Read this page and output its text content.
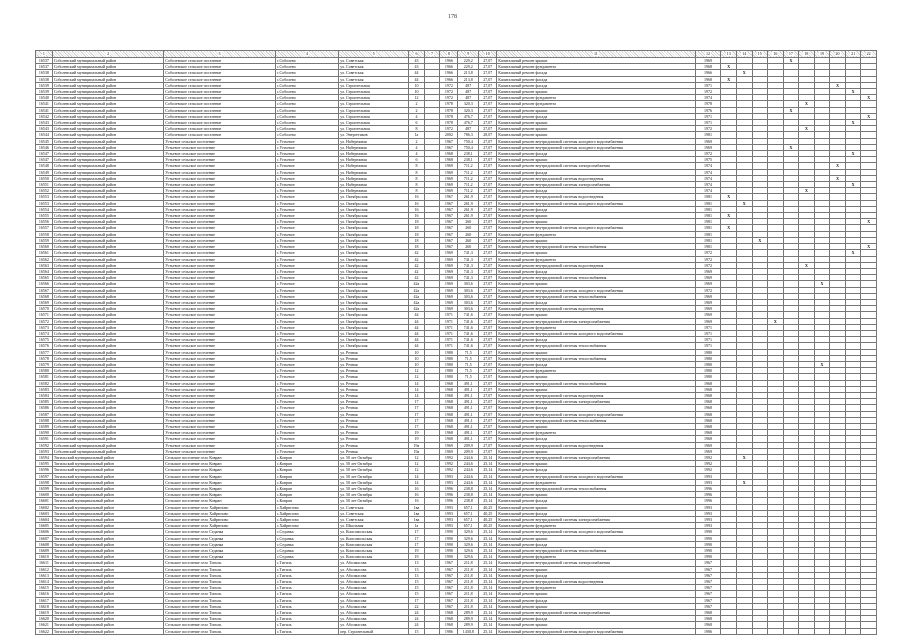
178
1	2	3	4	5	6	7	8	9	10	11	12	13	14	15	16	17	18	19	20	21	22
16537	Соболевский муниципальный район	Соболевское сельское поселение	с.Соболево	ул. Советская	43		1966	229,2	27,07	Капитальный ремонт крыши	1969					X					
16537	Соболевский муниципальный район	Соболевское сельское поселение	с.Соболево	ул. Советская	43		1966	229,2	27,07	Капитальный ремонт фундамента	1968	X									
16538	Соболевский муниципальный район	Соболевское сельское поселение	с.Соболево	ул. Советская	44		1966	213,8	27,07	Капитальный ремонт фасада	1966		X								
16538	Соболевский муниципальный район	Соболевское сельское поселение	с.Соболево	ул. Советская	44		1966	213,8	27,07	Капитальный ремонт фасада	1968	X									
16539	Соболевский муниципальный район	Соболевское сельское поселение	с.Соболево	ул. Строительная	10		1972	487	27,07	Капитальный ремонт фасада	1971								X		
16539	Соболевский муниципальный район	Соболевское сельское поселение	с.Соболево	ул. Строительная	10		1972	487	27,07	Капитальный ремонт крыши	1972									X	
16540	Соболевский муниципальный район	Соболевское сельское поселение	с.Соболево	ул. Строительная	12		1972	487	27,07	Капитальный ремонт фундамента	1974										X
16541	Соболевский муниципальный район	Соболевское сельское поселение	с.Соболево	ул. Строительная	2		1978	320,3	27,07	Капитальный ремонт фундамента	1978						X				
16541	Соболевский муниципальный район	Соболевское сельское поселение	с.Соболево	ул. Строительная	2		1978	320,3	27,07	Капитальный ремонт крыши	1976					X					
16542	Соболевский муниципальный район	Соболевское сельское поселение	с.Соболево	ул. Строительная	4		1978	476,7	27,07	Капитальный ремонт фасада	1971										X
16543	Соболевский муниципальный район	Соболевское сельское поселение	с.Соболево	ул. Строительная	6		1978	476,7	27,07	Капитальный ремонт крыши	1971									X	
16543	Соболевский муниципальный район	Соболевское сельское поселение	с.Соболево	ул. Строительная	8		1972	487	27,07	Капитальный ремонт крыши	1972						X				
16544	Соболевский муниципальный район	Соболевское сельское поселение	с.Соболево	ул. Энергетиков	1а		2002	786,3	28,07	Капитальный ремонт крыши	1981										
16545	Соболевский муниципальный район	Устьевое сельское поселение	с.Устьевое	ул. Набережная	2		1967	750,4	27,07	Капитальный ремонт внутридомовой системы холодного водоснабжения	1969										
16546	Соболевский муниципальный район	Устьевое сельское поселение	с.Устьевое	ул. Набережная	4		1967	750,4	27,07	Капитальный ремонт внутридомовой системы холодного водоснабжения	1969					X					
16547	Соболевский муниципальный район	Устьевое сельское поселение	с.Устьевое	ул. Набережная	4		1968	238,1	27,07	Капитальный ремонт фасада	1972									X	
16547	Соболевский муниципальный район	Устьевое сельское поселение	с.Устьевое	ул. Набережная	6		1968	238,1	27,07	Капитальный ремонт крыши	1975										
16548	Соболевский муниципальный район	Устьевое сельское поселение	с.Устьевое	ул. Набережная	8		1969	711,2	27,07	Капитальный ремонт внутридомовой системы электроснабжения	1974								X		
16549	Соболевский муниципальный район	Устьевое сельское поселение	с.Устьевое	ул. Набережная	8		1969	711,2	27,07	Капитальный ремонт фасада	1974										
16550	Соболевский муниципальный район	Устьевое сельское поселение	с.Устьевое	ул. Набережная	8		1969	711,2	27,07	Капитальный ремонт внутридомовой системы водоотведения	1974								X		
16551	Соболевский муниципальный район	Устьевое сельское поселение	с.Устьевое	ул. Набережная	8		1969	711,2	27,07	Капитальный ремонт внутридомовой системы электроснабжения	1974									X	
16552	Соболевский муниципальный район	Устьевое сельское поселение	с.Устьевое	ул. Набережная	8		1969	711,2	27,07	Капитальный ремонт фасада	1974						X				
16553	Соболевский муниципальный район	Устьевое сельское поселение	с.Устьевое	ул. Октябрьская	16		1967	261,9	27,07	Капитальный ремонт внутридомовой системы водоотведения	1981	X									
16553	Соболевский муниципальный район	Устьевое сельское поселение	с.Устьевое	ул. Октябрьская	16		1967	261,9	27,07	Капитальный ремонт внутридомовой системы холодного водоснабжения	1981		X								
16554	Соболевский муниципальный район	Устьевое сельское поселение	с.Устьевое	ул. Октябрьская	16		1967	261,9	27,07	Капитальный ремонт фасада	1981										
16555	Соболевский муниципальный район	Устьевое сельское поселение	с.Устьевое	ул. Октябрьская	16		1967	261,9	27,07	Капитальный ремонт крыши	1981	X									
16556	Соболевский муниципальный район	Устьевое сельское поселение	с.Устьевое	ул. Октябрьская	18		1967	260	27,07	Капитальный ремонт крыши	1981										X
16557	Соболевский муниципальный район	Устьевое сельское поселение	с.Устьевое	ул. Октябрьская	18		1967	260	27,07	Капитальный ремонт внутридомовой системы холодного водоснабжения	1981	X									
16558	Соболевский муниципальный район	Устьевое сельское поселение	с.Устьевое	ул. Октябрьская	18		1967	260	27,07	Капитальный ремонт фундамента	1981										
16559	Соболевский муниципальный район	Устьевое сельское поселение	с.Устьевое	ул. Октябрьская	18		1967	260	27,07	Капитальный ремонт крыши	1981			X							
16560	Соболевский муниципальный район	Устьевое сельское поселение	с.Устьевое	ул. Октябрьская	18		1967	260	27,07	Капитальный ремонт внутридомовой системы теплоснабжения	1981										X
16561	Соболевский муниципальный район	Устьевое сельское поселение	с.Устьевое	ул. Октябрьская	42		1969	741,3	27,07	Капитальный ремонт крыши	1972									X	
16562	Соболевский муниципальный район	Устьевое сельское поселение	с.Устьевое	ул. Октябрьская	42		1969	741,3	27,07	Капитальный ремонт фундамента	1972										
16563	Соболевский муниципальный район	Устьевое сельское поселение	с.Устьевое	ул. Октябрьская	42		1969	741,3	27,07	Капитальный ремонт внутридомовой системы водоотведения	1972						X				
16564	Соболевский муниципальный район	Устьевое сельское поселение	с.Устьевое	ул. Октябрьская	42		1969	741,3	27,07	Капитальный ремонт фасада	1969										
16565	Соболевский муниципальный район	Устьевое сельское поселение	с.Устьевое	ул. Октябрьская	42		1969	741,3	27,07	Капитальный ремонт внутридомовой системы теплоснабжения	1969										
16566	Соболевский муниципальный район	Устьевое сельское поселение	с.Устьевое	ул. Октябрьская	42а		1969	303,6	27,07	Капитальный ремонт крыши	1969							X			
16567	Соболевский муниципальный район	Устьевое сельское поселение	с.Устьевое	ул. Октябрьская	42а		1969	303,6	27,07	Капитальный ремонт внутридомовой системы холодного водоснабжения	1972										
16568	Соболевский муниципальный район	Устьевое сельское поселение	с.Устьевое	ул. Октябрьская	42а		1969	303,6	27,07	Капитальный ремонт внутридомовой системы теплоснабжения	1969										
16569	Соболевский муниципальный район	Устьевое сельское поселение	с.Устьевое	ул. Октябрьская	42а		1969	303,6	27,07	Капитальный ремонт фасада	1969										
16570	Соболевский муниципальный район	Устьевое сельское поселение	с.Устьевое	ул. Октябрьская	42а		1969	303,6	27,07	Капитальный ремонт внутридомовой системы водоотведения	1969										
16571	Соболевский муниципальный район	Устьевое сельское поселение	с.Устьевое	ул. Октябрьская	44		1971	741,6	27,07	Капитальный ремонт крыши	1969										
16572	Соболевский муниципальный район	Устьевое сельское поселение	с.Устьевое	ул. Октябрьская	44		1971	741,6	27,07	Капитальный ремонт внутридомовой системы электроснабжения	1969				X						
16573	Соболевский муниципальный район	Устьевое сельское поселение	с.Устьевое	ул. Октябрьская	44		1971	741,6	27,07	Капитальный ремонт фундамента	1971										
16574	Соболевский муниципальный район	Устьевое сельское поселение	с.Устьевое	ул. Октябрьская	44		1971	741,6	27,07	Капитальный ремонт внутридомовой системы холодного водоснабжения	1971										
16575	Соболевский муниципальный район	Устьевое сельское поселение	с.Устьевое	ул. Октябрьская	44		1971	741,6	27,07	Капитальный ремонт фасада	1971										
16576	Соболевский муниципальный район	Устьевое сельское поселение	с.Устьевое	ул. Октябрьская	44		1971	741,6	27,07	Капитальный ремонт внутридомовой системы теплоснабжения	1971										
16577	Соболевский муниципальный район	Устьевое сельское поселение	с.Устьевое	ул. Речная	10		1980	71,5	27,07	Капитальный ремонт крыши	1980										
16578	Соболевский муниципальный район	Устьевое сельское поселение	с.Устьевое	ул. Речная	10		1980	71,5	27,07	Капитальный ремонт внутридомовой системы теплоснабжения	1980										
16579	Соболевский муниципальный район	Устьевое сельское поселение	с.Устьевое	ул. Речная	10		1980	71,5	27,07	Капитальный ремонт фасада	1980							X			
16580	Соболевский муниципальный район	Устьевое сельское поселение	с.Устьевое	ул. Речная	12		1980	71,5	27,07	Капитальный ремонт фундамента	1980										
16581	Соболевский муниципальный район	Устьевое сельское поселение	с.Устьевое	ул. Речная	12		1980	71,5	27,07	Капитальный ремонт крыши	1980										
16582	Соболевский муниципальный район	Устьевое сельское поселение	с.Устьевое	ул. Речная	14		1968	491,1	27,07	Капитальный ремонт внутридомовой системы теплоснабжения	1968										
16583	Соболевский муниципальный район	Устьевое сельское поселение	с.Устьевое	ул. Речная	14		1968	491,1	27,07	Капитальный ремонт крыши	1968										
16584	Соболевский муниципальный район	Устьевое сельское поселение	с.Устьевое	ул. Речная	14		1968	491,1	27,07	Капитальный ремонт внутридомовой системы водоотведения	1968										
16585	Соболевский муниципальный район	Устьевое сельское поселение	с.Устьевое	ул. Речная	17		1968	491,1	27,07	Капитальный ремонт внутридомовой системы электроснабжения	1968										
16586	Соболевский муниципальный район	Устьевое сельское поселение	с.Устьевое	ул. Речная	17		1968	491,1	27,07	Капитальный ремонт фасада	1968										
16587	Соболевский муниципальный район	Устьевое сельское поселение	с.Устьевое	ул. Речная	17		1968	491,1	27,07	Капитальный ремонт внутридомовой системы холодного водоснабжения	1968										
16588	Соболевский муниципальный район	Устьевое сельское поселение	с.Устьевое	ул. Речная	17		1968	491,1	27,07	Капитальный ремонт внутридомовой системы теплоснабжения	1968										
16589	Соболевский муниципальный район	Устьевое сельское поселение	с.Устьевое	ул. Речная	17		1968	491,1	27,07	Капитальный ремонт крыши	1968										
16590	Соболевский муниципальный район	Устьевое сельское поселение	с.Устьевое	ул. Речная	19		1968	491,1	27,07	Капитальный ремонт фундамента	1968										
16591	Соболевский муниципальный район	Устьевое сельское поселение	с.Устьевое	ул. Речная	19		1968	491,1	27,07	Капитальный ремонт фасада	1968										
16592	Соболевский муниципальный район	Устьевое сельское поселение	с.Устьевое	ул. Речная	19а		1969	209,9	27,07	Капитальный ремонт внутридомовой системы водоотведения	1969										
16593	Соболевский муниципальный район	Устьевое сельское поселение	с.Устьевое	ул. Речная	19а		1969	209,9	27,07	Капитальный ремонт крыши	1969										
16594	Тигильский муниципальный район	Сельское поселение село Ковран	с.Ковран	ул. 50 лет Октября	12		1992	244,6	25,14	Капитальный ремонт внутридомовой системы электроснабжения	1992		X								
16595	Тигильский муниципальный район	Сельское поселение село Ковран	с.Ковран	ул. 50 лет Октября	12		1992	244,6	25,14	Капитальный ремонт крыши	1992										
16596	Тигильский муниципальный район	Сельское поселение село Ковран	с.Ковран	ул. 50 лет Октября	12		1992	244,6	25,14	Капитальный ремонт фасада	1992										
16597	Тигильский муниципальный район	Сельское поселение село Ковран	с.Ковран	ул. 50 лет Октября	14		1993	244,6	25,14	Капитальный ремонт внутридомовой системы холодного водоснабжения	1993										
16598	Тигильский муниципальный район	Сельское поселение село Ковран	с.Ковран	ул. 50 лет Октября	14		1993	244,6	25,14	Капитальный ремонт фундамента	1993		X								
16599	Тигильский муниципальный район	Сельское поселение село Ковран	с.Ковран	ул. 50 лет Октября	16		1996	238,8	25,14	Капитальный ремонт внутридомовой системы теплоснабжения	1996										
16600	Тигильский муниципальный район	Сельское поселение село Ковран	с.Ковран	ул. 50 лет Октября	16		1996	238,8	25,14	Капитальный ремонт крыши	1996										
16601	Тигильский муниципальный район	Сельское поселение село Ковран	с.Ковран	ул. 50 лет Октября	16		1996	238,8	25,14	Капитальный ремонт фасада	1996										
16602	Тигильский муниципальный район	Сельское поселение село Хайрюзово	с.Хайрюзово	ул. Советская	1ва		1993	657,1	40,25	Капитальный ремонт крыши	1993										
16603	Тигильский муниципальный район	Сельское поселение село Хайрюзово	с.Хайрюзово	ул. Советская	1ва		1993	657,1	40,25	Капитальный ремонт фасада	1993										
16604	Тигильский муниципальный район	Сельское поселение село Хайрюзово	с.Хайрюзово	ул. Советская	1ва		1993	657,1	40,25	Капитальный ремонт внутридомовой системы электроснабжения	1993										
16605	Тигильский муниципальный район	Сельское поселение село Хайрюзово	с.Хайрюзово	ул. Школьная	1а		1993	657,1	40,25	Капитальный ремонт фундамента	1993										
16606	Тигильский муниципальный район	Сельское поселение село Седанка	с.Седанка	ул. Комсомольская	17		1990	329,6	25,14	Капитальный ремонт внутридомовой системы холодного водоснабжения	1990										
16607	Тигильский муниципальный район	Сельское поселение село Седанка	с.Седанка	ул. Комсомольская	17		1990	329,6	25,14	Капитальный ремонт крыши	1990										
16608	Тигильский муниципальный район	Сельское поселение село Седанка	с.Седанка	ул. Комсомольская	17		1990	329,6	25,14	Капитальный ремонт фасада	1990										
16609	Тигильский муниципальный район	Сельское поселение село Седанка	с.Седанка	ул. Комсомольская	19		1990	329,6	25,14	Капитальный ремонт внутридомовой системы теплоснабжения	1990										
16610	Тигильский муниципальный район	Сельское поселение село Седанка	с.Седанка	ул. Комсомольская	19		1990	329,6	25,14	Капитальный ремонт фундамента	1990										
16611	Тигильский муниципальный район	Сельское поселение село Тигиль	с.Тигиль	ул. Аболмасова	13		1967	211,8	25,14	Капитальный ремонт внутридомовой системы электроснабжения	1967										
16612	Тигильский муниципальный район	Сельское поселение село Тигиль	с.Тигиль	ул. Аболмасова	13		1967	211,8	25,14	Капитальный ремонт крыши	1967										
16613	Тигильский муниципальный район	Сельское поселение село Тигиль	с.Тигиль	ул. Аболмасова	13		1967	211,8	25,14	Капитальный ремонт фасада	1967										
16614	Тигильский муниципальный район	Сельское поселение село Тигиль	с.Тигиль	ул. Аболмасова	15		1967	211,8	25,14	Капитальный ремонт внутридомовой системы водоотведения	1967										
16615	Тигильский муниципальный район	Сельское поселение село Тигиль	с.Тигиль	ул. Аболмасова	15		1967	211,8	25,14	Капитальный ремонт фундамента	1967										
16616	Тигильский муниципальный район	Сельское поселение село Тигиль	с.Тигиль	ул. Аболмасова	15		1967	211,8	25,14	Капитальный ремонт крыши	1967										
16617	Тигильский муниципальный район	Сельское поселение село Тигиль	с.Тигиль	ул. Аболмасова	17		1967	211,8	25,14	Капитальный ремонт фасада	1967										
16618	Тигильский муниципальный район	Сельское поселение село Тигиль	с.Тигиль	ул. Аболмасова	22		1967	211,8	25,14	Капитальный ремонт крыши	1967										
16619	Тигильский муниципальный район	Сельское поселение село Тигиль	с.Тигиль	ул. Аболмасова	24		1968	289,9	25,14	Капитальный ремонт внутридомовой системы электроснабжения	1968										
16620	Тигильский муниципальный район	Сельское поселение село Тигиль	с.Тигиль	ул. Аболмасова	24		1968	289,9	25,14	Капитальный ремонт фасада	1968										
16621	Тигильский муниципальный район	Сельское поселение село Тигиль	с.Тигиль	ул. Аболмасова	24		1968	289,9	25,14	Капитальный ремонт крыши	1968										
16622	Тигильский муниципальный район	Сельское поселение село Тигиль	с.Тигиль	пер. Строительный	15		1986	1430,8	25,14	Капитальный ремонт внутридомовой системы холодного водоснабжения	1986										
